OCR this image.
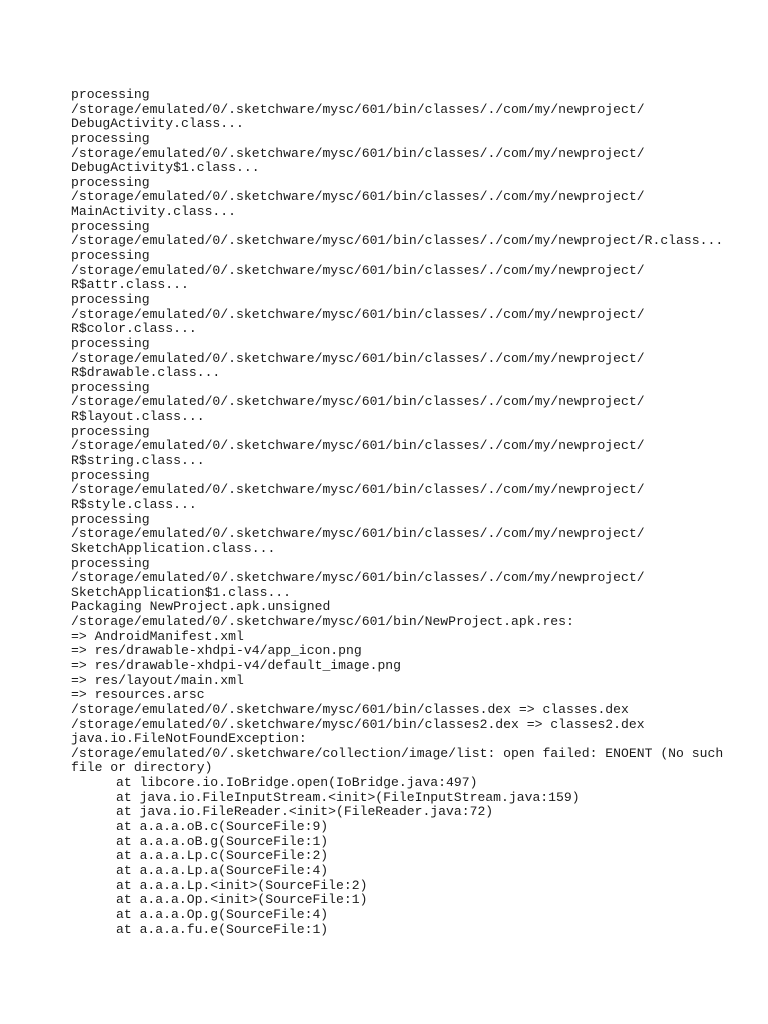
processing
/storage/emulated/0/.sketchware/mysc/601/bin/classes/./com/my/newproject/
DebugActivity.class...
processing
/storage/emulated/0/.sketchware/mysc/601/bin/classes/./com/my/newproject/
DebugActivity$1.class...
processing
/storage/emulated/0/.sketchware/mysc/601/bin/classes/./com/my/newproject/
MainActivity.class...
processing
/storage/emulated/0/.sketchware/mysc/601/bin/classes/./com/my/newproject/R.class...
processing
/storage/emulated/0/.sketchware/mysc/601/bin/classes/./com/my/newproject/
R$attr.class...
processing
/storage/emulated/0/.sketchware/mysc/601/bin/classes/./com/my/newproject/
R$color.class...
processing
/storage/emulated/0/.sketchware/mysc/601/bin/classes/./com/my/newproject/
R$drawable.class...
processing
/storage/emulated/0/.sketchware/mysc/601/bin/classes/./com/my/newproject/
R$layout.class...
processing
/storage/emulated/0/.sketchware/mysc/601/bin/classes/./com/my/newproject/
R$string.class...
processing
/storage/emulated/0/.sketchware/mysc/601/bin/classes/./com/my/newproject/
R$style.class...
processing
/storage/emulated/0/.sketchware/mysc/601/bin/classes/./com/my/newproject/
SketchApplication.class...
processing
/storage/emulated/0/.sketchware/mysc/601/bin/classes/./com/my/newproject/
SketchApplication$1.class...
Packaging NewProject.apk.unsigned
/storage/emulated/0/.sketchware/mysc/601/bin/NewProject.apk.res:
=> AndroidManifest.xml
=> res/drawable-xhdpi-v4/app_icon.png
=> res/drawable-xhdpi-v4/default_image.png
=> res/layout/main.xml
=> resources.arsc
/storage/emulated/0/.sketchware/mysc/601/bin/classes.dex => classes.dex
/storage/emulated/0/.sketchware/mysc/601/bin/classes2.dex => classes2.dex
java.io.FileNotFoundException:
/storage/emulated/0/.sketchware/collection/image/list: open failed: ENOENT (No such
file or directory)
at libcore.io.IoBridge.open(IoBridge.java:497)
at java.io.FileInputStream.<init>(FileInputStream.java:159)
at java.io.FileReader.<init>(FileReader.java:72)
at a.a.a.oB.c(SourceFile:9)
at a.a.a.oB.g(SourceFile:1)
at a.a.a.Lp.c(SourceFile:2)
at a.a.a.Lp.a(SourceFile:4)
at a.a.a.Lp.<init>(SourceFile:2)
at a.a.a.Op.<init>(SourceFile:1)
at a.a.a.Op.g(SourceFile:4)
at a.a.a.fu.e(SourceFile:1)
